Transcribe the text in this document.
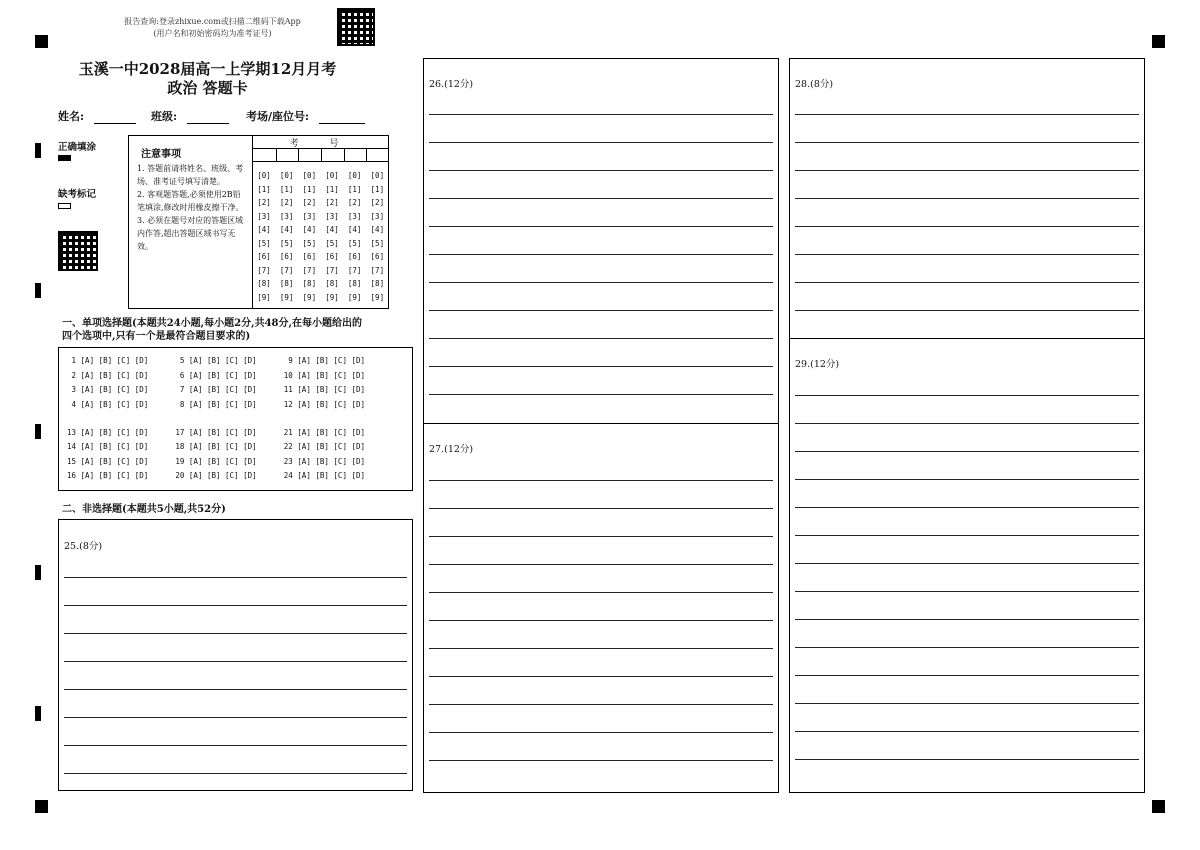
报告查询:登录zhixue.com或扫描二维码下载App
(用户名和初始密码均为准考证号)
玉溪一中2028届高一上学期12月月考
政治 答题卡
姓名:	班级:	考场/座位号:
正确填涂
缺考标记
注意事项
1. 答题前请将姓名、班级、考场、准考证号填写清楚。
2. 客观题答题,必须使用2B铅笔填涂,修改时用橡皮擦干净。
3. 必须在题号对应的答题区域内作答,超出答题区域书写无效。
考 号
[0]
[1]
[2]
[3]
[4]
[5]
[6]
[7]
[8]
[9]
[0]
[1]
[2]
[3]
[4]
[5]
[6]
[7]
[8]
[9]
[0]
[1]
[2]
[3]
[4]
[5]
[6]
[7]
[8]
[9]
[0]
[1]
[2]
[3]
[4]
[5]
[6]
[7]
[8]
[9]
[0]
[1]
[2]
[3]
[4]
[5]
[6]
[7]
[8]
[9]
[0]
[1]
[2]
[3]
[4]
[5]
[6]
[7]
[8]
[9]
一、单项选择题(本题共24小题,每小题2分,共48分,在每小题给出的
四个选项中,只有一个是最符合题目要求的)
1 [A] [B] [C] [D]       5 [A] [B] [C] [D]       9 [A] [B] [C] [D]
2 [A] [B] [C] [D]       6 [A] [B] [C] [D]      10 [A] [B] [C] [D]
3 [A] [B] [C] [D]       7 [A] [B] [C] [D]      11 [A] [B] [C] [D]
4 [A] [B] [C] [D]       8 [A] [B] [C] [D]      12 [A] [B] [C] [D]
13 [A] [B] [C] [D]      17 [A] [B] [C] [D]      21 [A] [B] [C] [D]
14 [A] [B] [C] [D]      18 [A] [B] [C] [D]      22 [A] [B] [C] [D]
15 [A] [B] [C] [D]      19 [A] [B] [C] [D]      23 [A] [B] [C] [D]
16 [A] [B] [C] [D]      20 [A] [B] [C] [D]      24 [A] [B] [C] [D]
二、非选择题(本题共5小题,共52分)
25.(8分)
26.(12分)
27.(12分)
28.(8分)
29.(12分)
